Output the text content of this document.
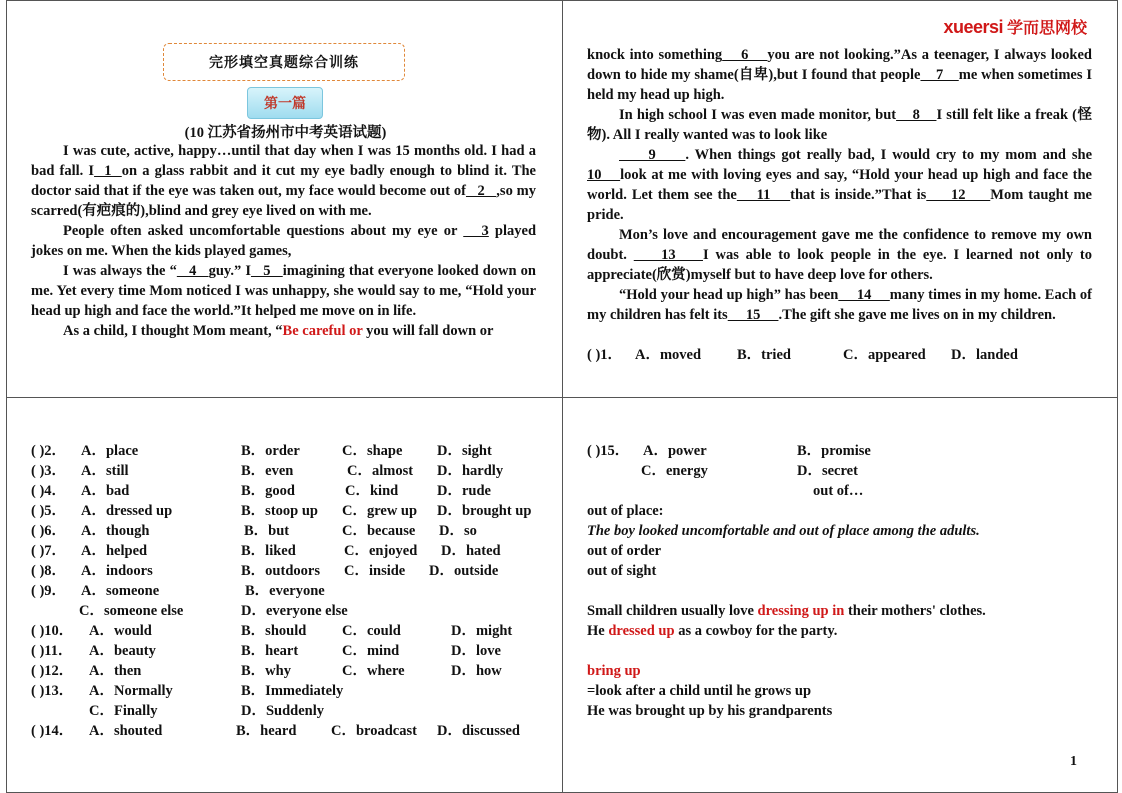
完形填空真题综合训练
第一篇
(10 江苏省扬州市中考英语试题)
I was cute, active, happy…until that day when I was 15 months old. I had a bad fall. I  1  on a glass rabbit and it cut my eye badly enough to blind it. The doctor said that if the eye was taken out, my face would become out of   2   ,so my scarred(有疤痕的),blind and grey eye lived on with me.
People often asked uncomfortable questions about my eye or    3 played jokes on me. When the kids played games,
I was always the “   4   guy.” I   5   imagining that everyone looked down on me. Yet every time Mom noticed I was unhappy, she would say to me, “Hold your head up high and face the world.”It helped me move on in life.
As a child, I thought Mom meant, “Be careful or you will fall down or
xueersi 学而思网校
knock into something    6    you are not looking.”As a teenager, I always looked down to hide my shame(自卑),but I found that people    7    me when sometimes I held my head up high.
In high school I was even made monitor, but    8    I still felt like a freak (怪物). All I really wanted was to look like
9     . When things got really bad, I would cry to my mom and she 10    look at me with loving eyes and say, “Hold your head up high and face the world. Let them see the    11    that is inside.”That is     12     Mom taught me pride.
Mon’s love and encouragement gave me the confidence to remove my own doubt.     13    I was able to look people in the eye. I learned not only to appreciate(欣赏)myself but to have deep love for others.
“Hold your head up high” has been     14     many times in my home. Each of my children has felt its     15     .The gift she gave me lives on in my children.
( )1． A．moved B．tried	C．appeared D．landed
( )2． A．place	B．order	C．shape D．sight
( )3． A．still	B．even	C．almost D．hardly
( )4． A．bad	B．good	C．kind	D．rude
( )5． A．dressed up	B．stoop up C．grew up D．brought up
( )6． A．though	B．but	C．because D．so
( )7． A．helped	B．liked	C．enjoyed D．hated
( )8． A．indoors	B．outdoors C．inside D．outside
( )9． A．someone	B．everyone
C．someone else	D．everyone else
( )10． A．would	B．should C．could	D．might
( )11． A．beauty	B．heart	C．mind	D．love
( )12． A．then	B．why	C．where	D．how
( )13． A．Normally	B．Immediately
C．Finally	D．Suddenly
( )14． A．shouted	B．heard C．broadcast D．discussed
( )15． A．power	B．promise
C．energy	D．secret
out of…
out of place:
The boy looked uncomfortable and out of place among the adults.
out of order
out of sight
Small children usually love dressing up in their mothers' clothes.
He dressed up as a cowboy for the party.
bring up
=look after a child until he grows up
He was brought up by his grandparents
1
